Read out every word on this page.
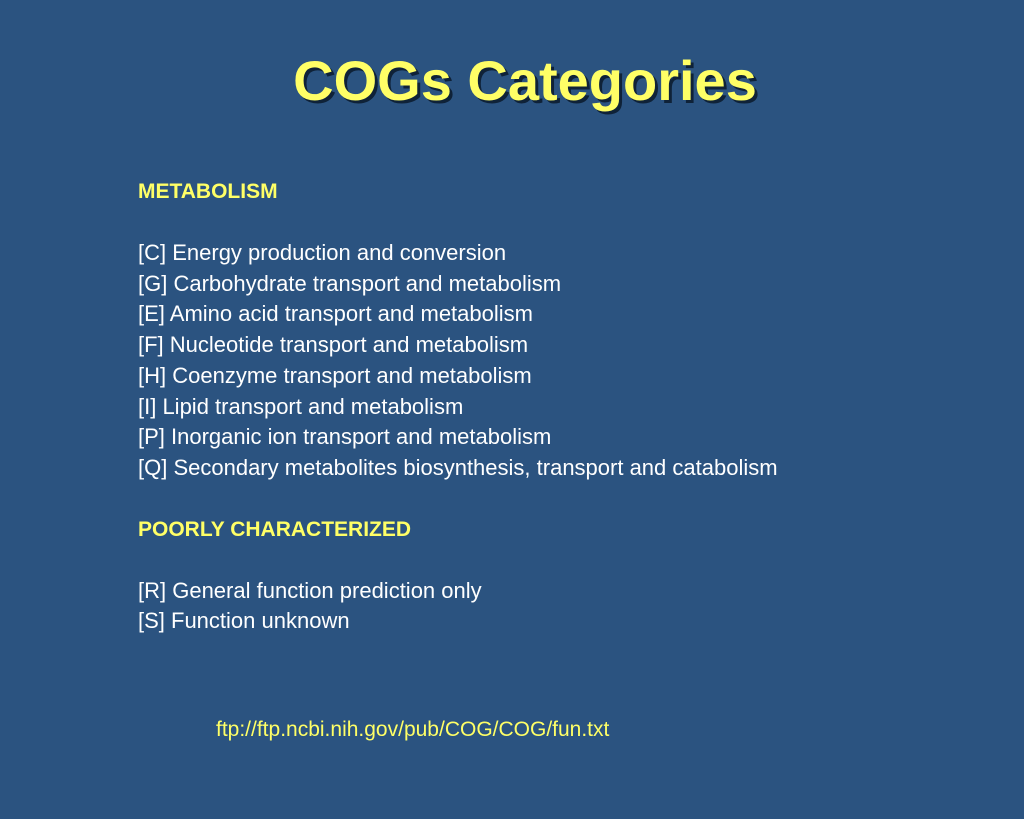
COGs Categories

METABOLISM

[C] Energy production and conversion
[G] Carbohydrate transport and metabolism
[E] Amino acid transport and metabolism
[F] Nucleotide transport and metabolism
[H] Coenzyme transport and metabolism
[I] Lipid transport and metabolism
[P] Inorganic ion transport and metabolism
[Q] Secondary metabolites biosynthesis, transport and catabolism

POORLY CHARACTERIZED

[R] General function prediction only
[S] Function unknown
ftp://ftp.ncbi.nih.gov/pub/COG/COG/fun.txt
